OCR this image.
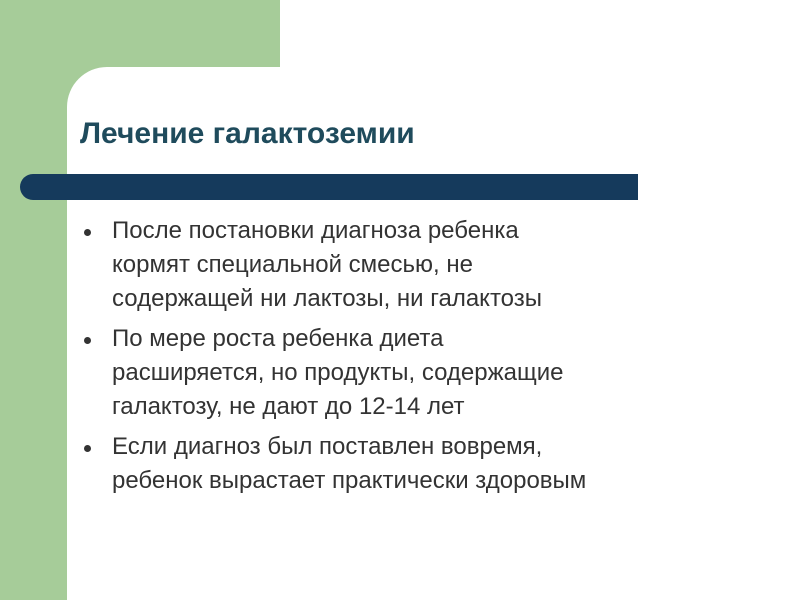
Лечение галактоземии
После постановки диагноза ребенка
кормят специальной смесью, не
содержащей ни лактозы, ни галактозы
По мере роста ребенка диета
расширяется, но продукты, содержащие
галактозу, не дают до 12-14 лет
Если диагноз был поставлен вовремя,
ребенок вырастает практически здоровым
